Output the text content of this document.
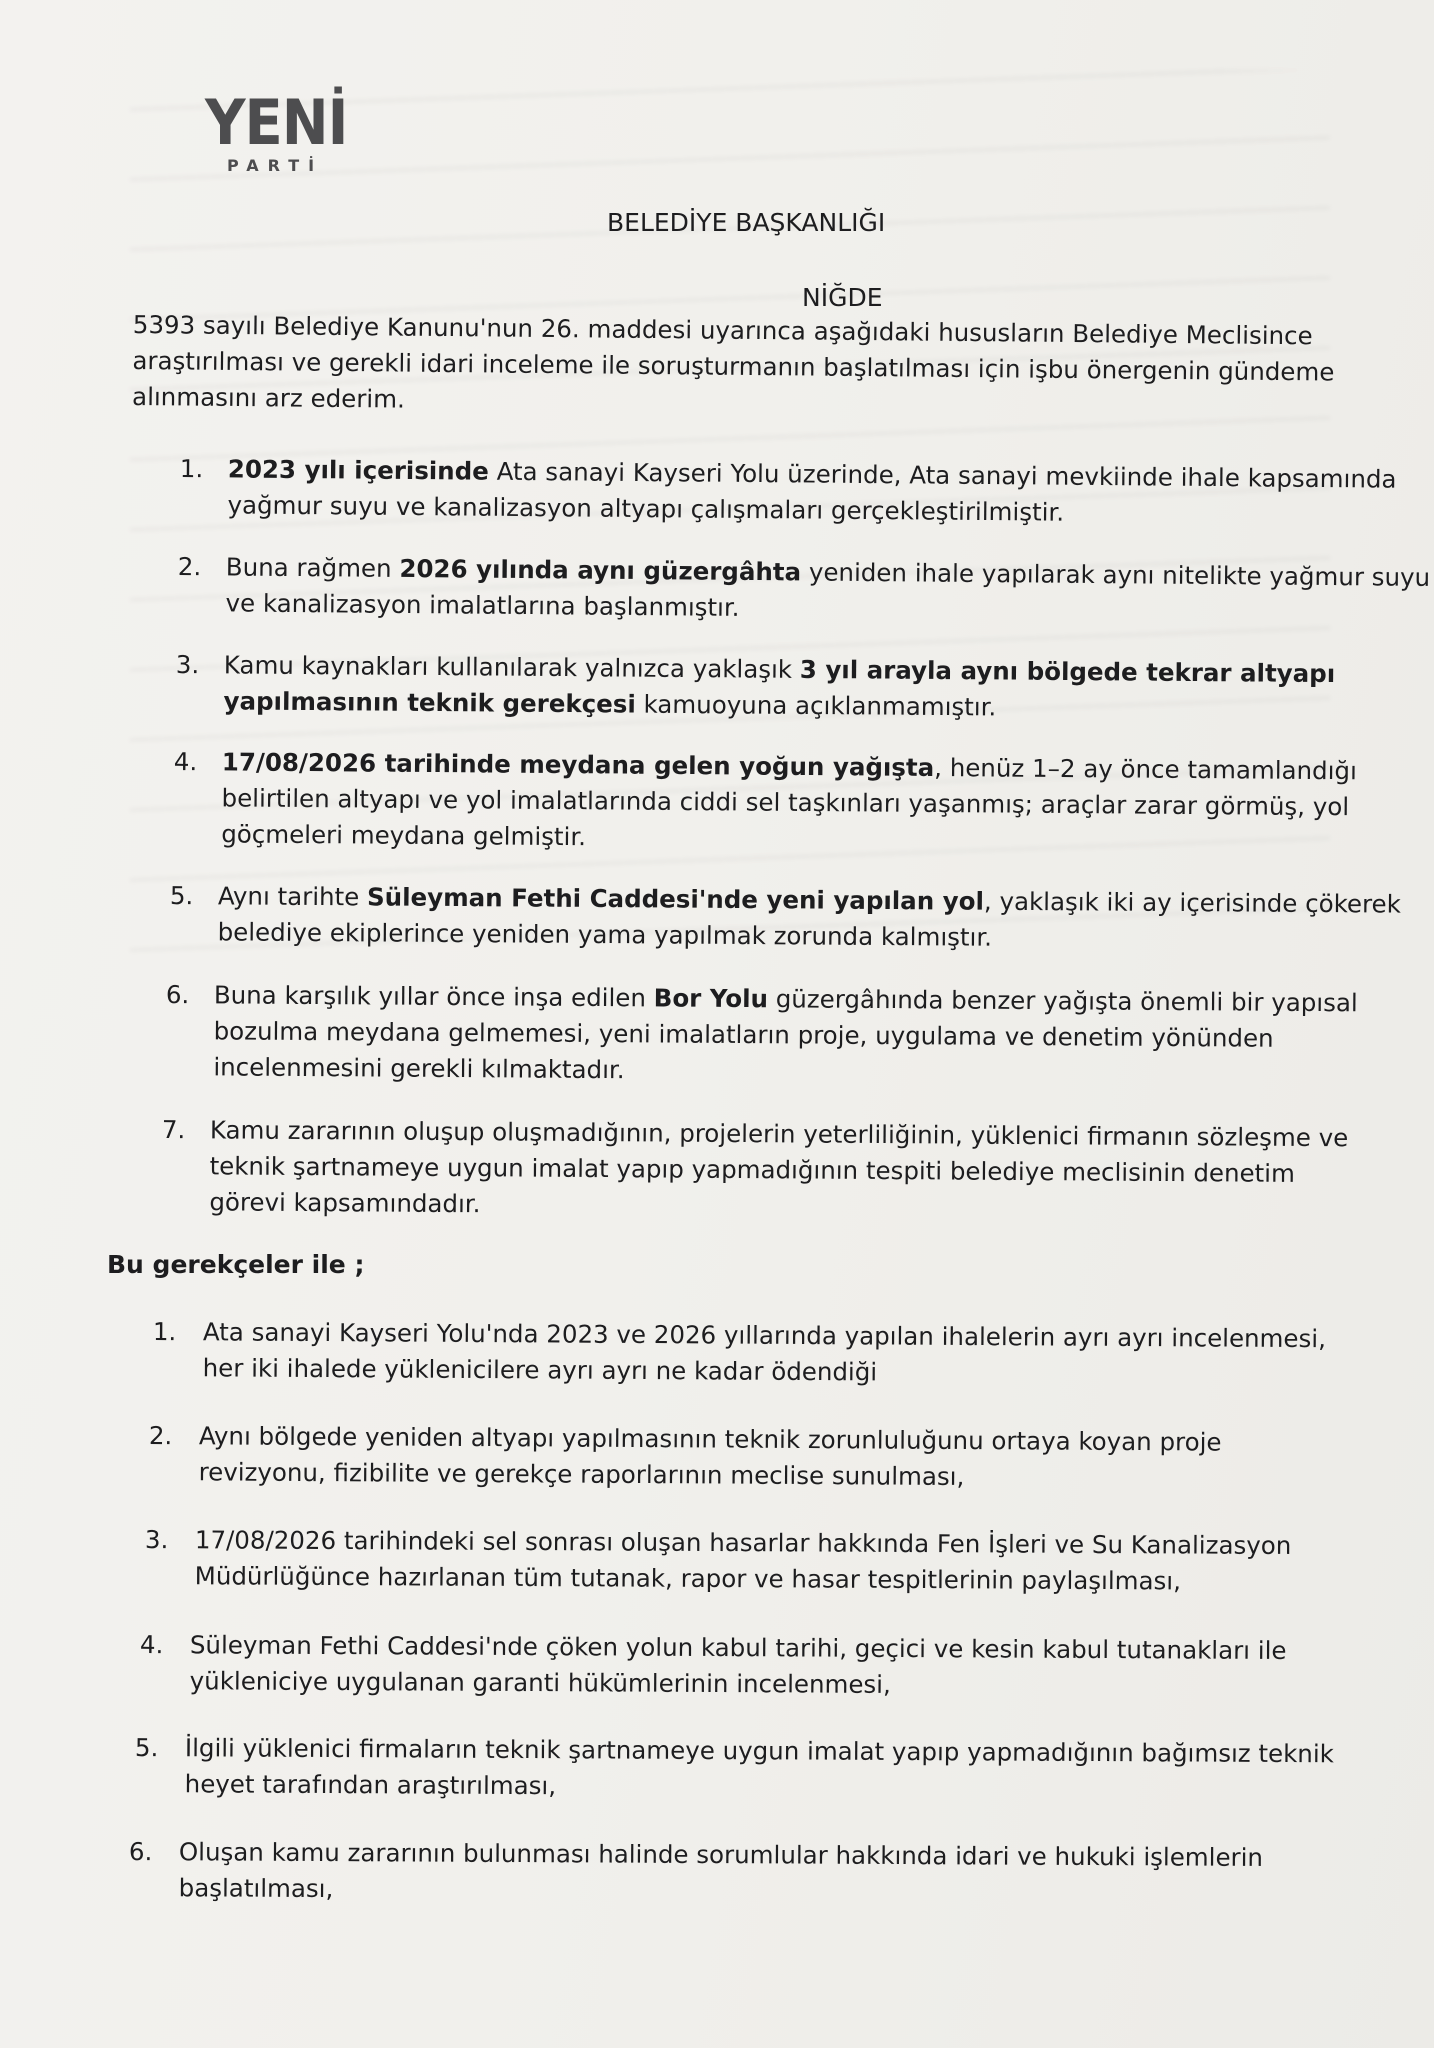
YENİ
PARTİ
BELEDİYE BAŞKANLIĞI
NİĞDE

5393 sayılı Belediye Kanunu'nun 26. maddesi uyarınca aşağıdaki hususların Belediye Meclisince

araştırılması ve gerekli idari inceleme ile soruşturmanın başlatılması için işbu önergenin gündeme

alınmasını arz ederim.

1. 2023 yılı içerisinde Ata sanayi Kayseri Yolu üzerinde, Ata sanayi mevkiinde ihale kapsamında

yağmur suyu ve kanalizasyon altyapı çalışmaları gerçekleştirilmiştir.

2. Buna rağmen 2026 yılında aynı güzergâhta yeniden ihale yapılarak aynı nitelikte yağmur suyu

ve kanalizasyon imalatlarına başlanmıştır.

3. Kamu kaynakları kullanılarak yalnızca yaklaşık 3 yıl arayla aynı bölgede tekrar altyapı

yapılmasının teknik gerekçesi kamuoyuna açıklanmamıştır.

4. 17/08/2026 tarihinde meydana gelen yoğun yağışta, henüz 1–2 ay önce tamamlandığı

belirtilen altyapı ve yol imalatlarında ciddi sel taşkınları yaşanmış; araçlar zarar görmüş, yol

göçmeleri meydana gelmiştir.

5. Aynı tarihte Süleyman Fethi Caddesi'nde yeni yapılan yol, yaklaşık iki ay içerisinde çökerek

belediye ekiplerince yeniden yama yapılmak zorunda kalmıştır.

6. Buna karşılık yıllar önce inşa edilen Bor Yolu güzergâhında benzer yağışta önemli bir yapısal

bozulma meydana gelmemesi, yeni imalatların proje, uygulama ve denetim yönünden

incelenmesini gerekli kılmaktadır.

7. Kamu zararının oluşup oluşmadığının, projelerin yeterliliğinin, yüklenici firmanın sözleşme ve

teknik şartnameye uygun imalat yapıp yapmadığının tespiti belediye meclisinin denetim

görevi kapsamındadır.

Bu gerekçeler ile ;
1. Ata sanayi Kayseri Yolu'nda 2023 ve 2026 yıllarında yapılan ihalelerin ayrı ayrı incelenmesi,

her iki ihalede yüklenicilere ayrı ayrı ne kadar ödendiği

2. Aynı bölgede yeniden altyapı yapılmasının teknik zorunluluğunu ortaya koyan proje

revizyonu, fizibilite ve gerekçe raporlarının meclise sunulması,

3. 17/08/2026 tarihindeki sel sonrası oluşan hasarlar hakkında Fen İşleri ve Su Kanalizasyon

Müdürlüğünce hazırlanan tüm tutanak, rapor ve hasar tespitlerinin paylaşılması,

4. Süleyman Fethi Caddesi'nde çöken yolun kabul tarihi, geçici ve kesin kabul tutanakları ile

yükleniciye uygulanan garanti hükümlerinin incelenmesi,

5. İlgili yüklenici firmaların teknik şartnameye uygun imalat yapıp yapmadığının bağımsız teknik

heyet tarafından araştırılması,

6. Oluşan kamu zararının bulunması halinde sorumlular hakkında idari ve hukuki işlemlerin

başlatılması,
